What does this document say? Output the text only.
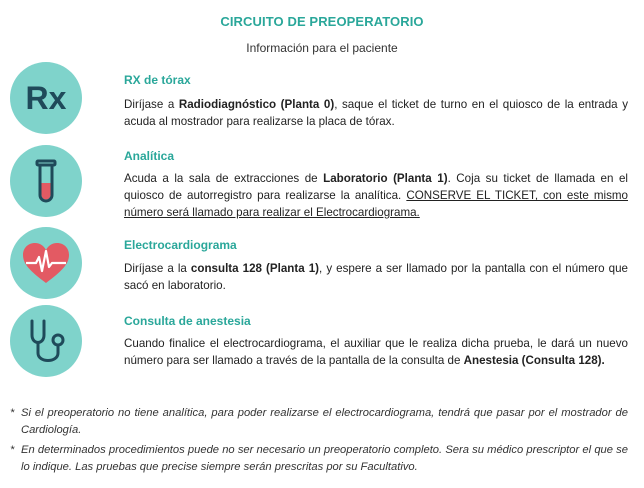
CIRCUITO DE PREOPERATORIO
Información para el paciente
Rx	RX de tórax
Diríjase a Radiodiagnóstico (Planta 0), saque el ticket de turno en el quiosco de la entrada y acuda al mostrador para realizarse la placa de tórax.
Analítica
Acuda a la sala de extracciones de Laboratorio (Planta 1). Coja su ticket de llamada en el quiosco de autorregistro para realizarse la analítica. CONSERVE EL TICKET, con este mismo número será llamado para realizar el Electrocardiograma.
Electrocardiograma
Diríjase a la consulta 128 (Planta 1), y espere a ser llamado por la pantalla con el número que sacó en laboratorio.
Consulta de anestesia
Cuando finalice el electrocardiograma, el auxiliar que le realiza dicha prueba, le dará un nuevo número para ser llamado a través de la pantalla de la consulta de Anestesia (Consulta 128).
* Si el preoperatorio no tiene analítica, para poder realizarse el electrocardiograma, tendrá que pasar por el mostrador de Cardiología.
* En determinados procedimientos puede no ser necesario un preoperatorio completo. Sera su médico prescriptor el que se lo indique. Las pruebas que precise siempre serán prescritas por su Facultativo.
